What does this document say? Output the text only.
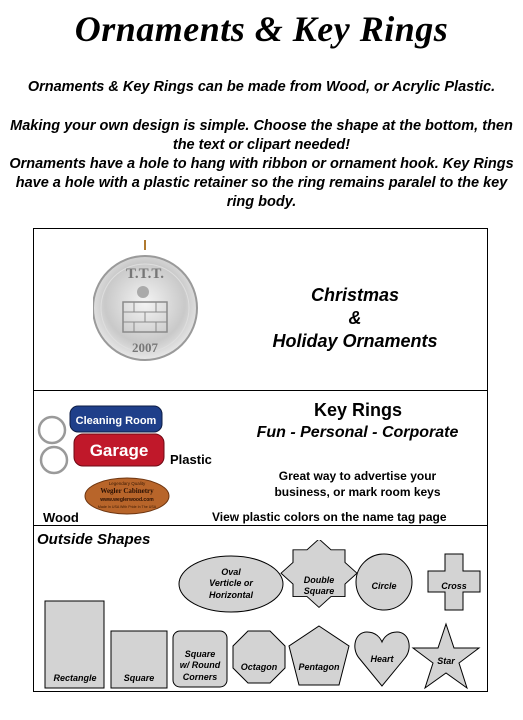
Ornaments & Key Rings
Ornaments & Key Rings can be made from Wood, or Acrylic Plastic.
Making your own design is simple. Choose the shape at the bottom, then the text or clipart needed!
Ornaments have a hole to hang with ribbon or ornament hook. Key Rings have a hole with a plastic retainer so the ring remains paralel to the key ring body.
T.T.T.
2007
Christmas
&
Holiday Ornaments
Cleaning Room
Garage
Legendary Quality
Wegler Cabinetry
www.weglerwood.com
Made In USA With Pride In The USA
Key Rings
Fun - Personal - Corporate
Great way to advertise your
business, or mark room keys
Plastic
Wood	View plastic colors on the name tag page
Outside Shapes
Oval
Verticle or
Horizontal
Double
Square	Circle	Cross
Rectangle	Square
Square
w/ Round
Corners
Octagon Pentagon
Heart	Star
